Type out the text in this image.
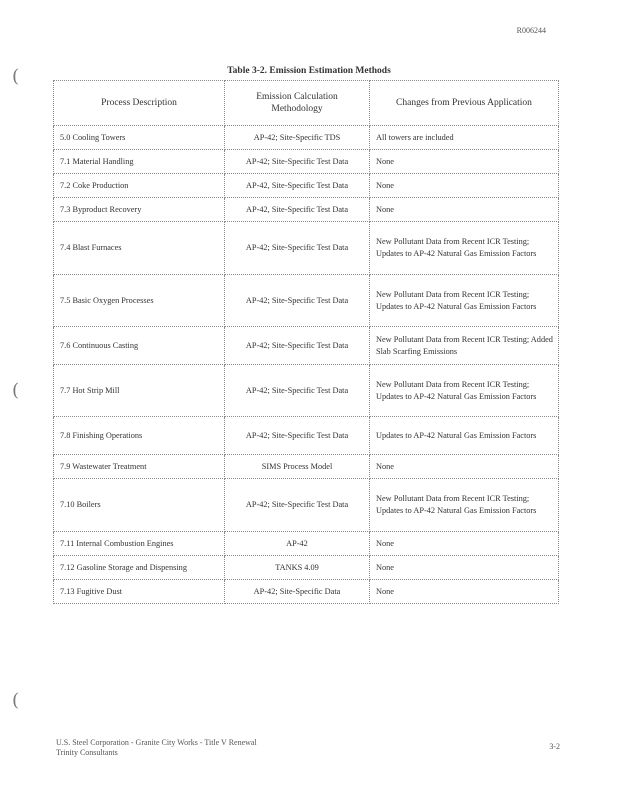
R006244
(
(
(
Table 3-2. Emission Estimation Methods
Process Description	Emission Calculation Methodology	Changes from Previous Application
5.0 Cooling Towers	AP-42; Site-Specific TDS	All towers are included
7.1 Material Handling	AP-42; Site-Specific Test Data	None
7.2 Coke Production	AP-42, Site-Specific Test Data	None
7.3 Byproduct Recovery	AP-42, Site-Specific Test Data	None
7.4 Blast Furnaces	AP-42; Site-Specific Test Data	New Pollutant Data from Recent ICR Testing; Updates to AP-42 Natural Gas Emission Factors
7.5 Basic Oxygen Processes	AP-42; Site-Specific Test Data	New Pollutant Data from Recent ICR Testing; Updates to AP-42 Natural Gas Emission Factors
7.6 Continuous Casting	AP-42; Site-Specific Test Data	New Pollutant Data from Recent ICR Testing; Added Slab Scarfing Emissions
7.7 Hot Strip Mill	AP-42; Site-Specific Test Data	New Pollutant Data from Recent ICR Testing; Updates to AP-42 Natural Gas Emission Factors
7.8 Finishing Operations	AP-42; Site-Specific Test Data	Updates to AP-42 Natural Gas Emission Factors
7.9 Wastewater Treatment	SIMS Process Model	None
7.10 Boilers	AP-42; Site-Specific Test Data	New Pollutant Data from Recent ICR Testing; Updates to AP-42 Natural Gas Emission Factors
7.11 Internal Combustion Engines	AP-42	None
7.12 Gasoline Storage and Dispensing	TANKS 4.09	None
7.13 Fugitive Dust	AP-42; Site-Specific Data	None
U.S. Steel Corporation - Granite City Works - Title V Renewal
Trinity Consultants
3-2
